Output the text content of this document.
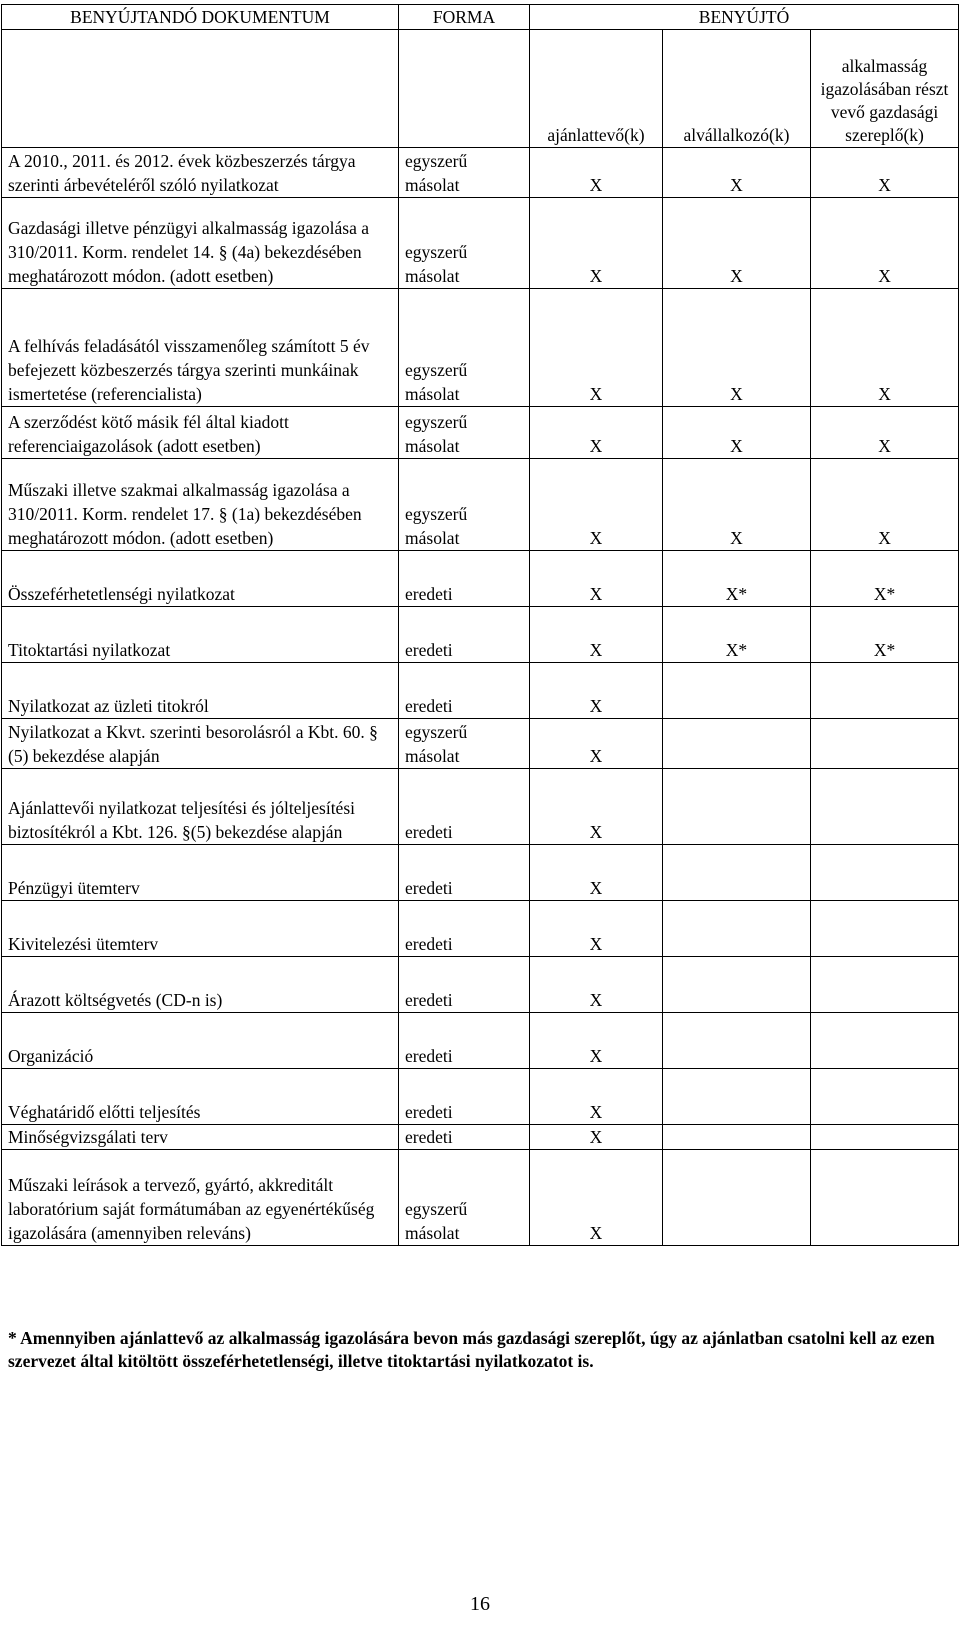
BENYÚJTANDÓ DOKUMENTUM	FORMA	BENYÚJTÓ		
		ajánlattevő(k)	alvállalkozó(k)	alkalmasság igazolásában részt vevő gazdasági szereplő(k)
A 2010., 2011. és 2012. évek közbeszerzés tárgya szerinti árbevételéről szóló nyilatkozat	egyszerű másolat	X	X	X
Gazdasági illetve pénzügyi alkalmasság igazolása a 310/2011. Korm. rendelet 14. § (4a) bekezdésében meghatározott módon. (adott esetben)	egyszerű másolat	X	X	X
A felhívás feladásától visszamenőleg számított 5 év befejezett közbeszerzés tárgya szerinti munkáinak ismertetése (referencialista)	egyszerű másolat	X	X	X
A szerződést kötő másik fél által kiadott referenciaigazolások (adott esetben)	egyszerű másolat	X	X	X
Műszaki illetve szakmai alkalmasság igazolása a 310/2011. Korm. rendelet 17. § (1a) bekezdésében meghatározott módon. (adott esetben)	egyszerű másolat	X	X	X
Összeférhetetlenségi nyilatkozat	eredeti	X	X*	X*
Titoktartási nyilatkozat	eredeti	X	X*	X*
Nyilatkozat az üzleti titokról	eredeti	X		
Nyilatkozat a Kkvt. szerinti besorolásról a Kbt. 60. § (5) bekezdése alapján	egyszerű másolat	X		
Ajánlattevői nyilatkozat teljesítési és jólteljesítési biztosítékról a Kbt. 126. §(5) bekezdése alapján	eredeti	X		
Pénzügyi ütemterv	eredeti	X		
Kivitelezési ütemterv	eredeti	X		
Árazott költségvetés (CD-n is)	eredeti	X		
Organizáció	eredeti	X		
Véghatáridő előtti teljesítés	eredeti	X		
Minőségvizsgálati terv	eredeti	X		
Műszaki leírások a tervező, gyártó, akkreditált laboratórium saját formátumában az egyenértékűség igazolására (amennyiben releváns)	egyszerű másolat	X		
* Amennyiben ajánlattevő az alkalmasság igazolására bevon más gazdasági szereplőt, úgy az ajánlatban csatolni kell az ezen szervezet által kitöltött összeférhetetlenségi, illetve titoktartási nyilatkozatot is.
16
